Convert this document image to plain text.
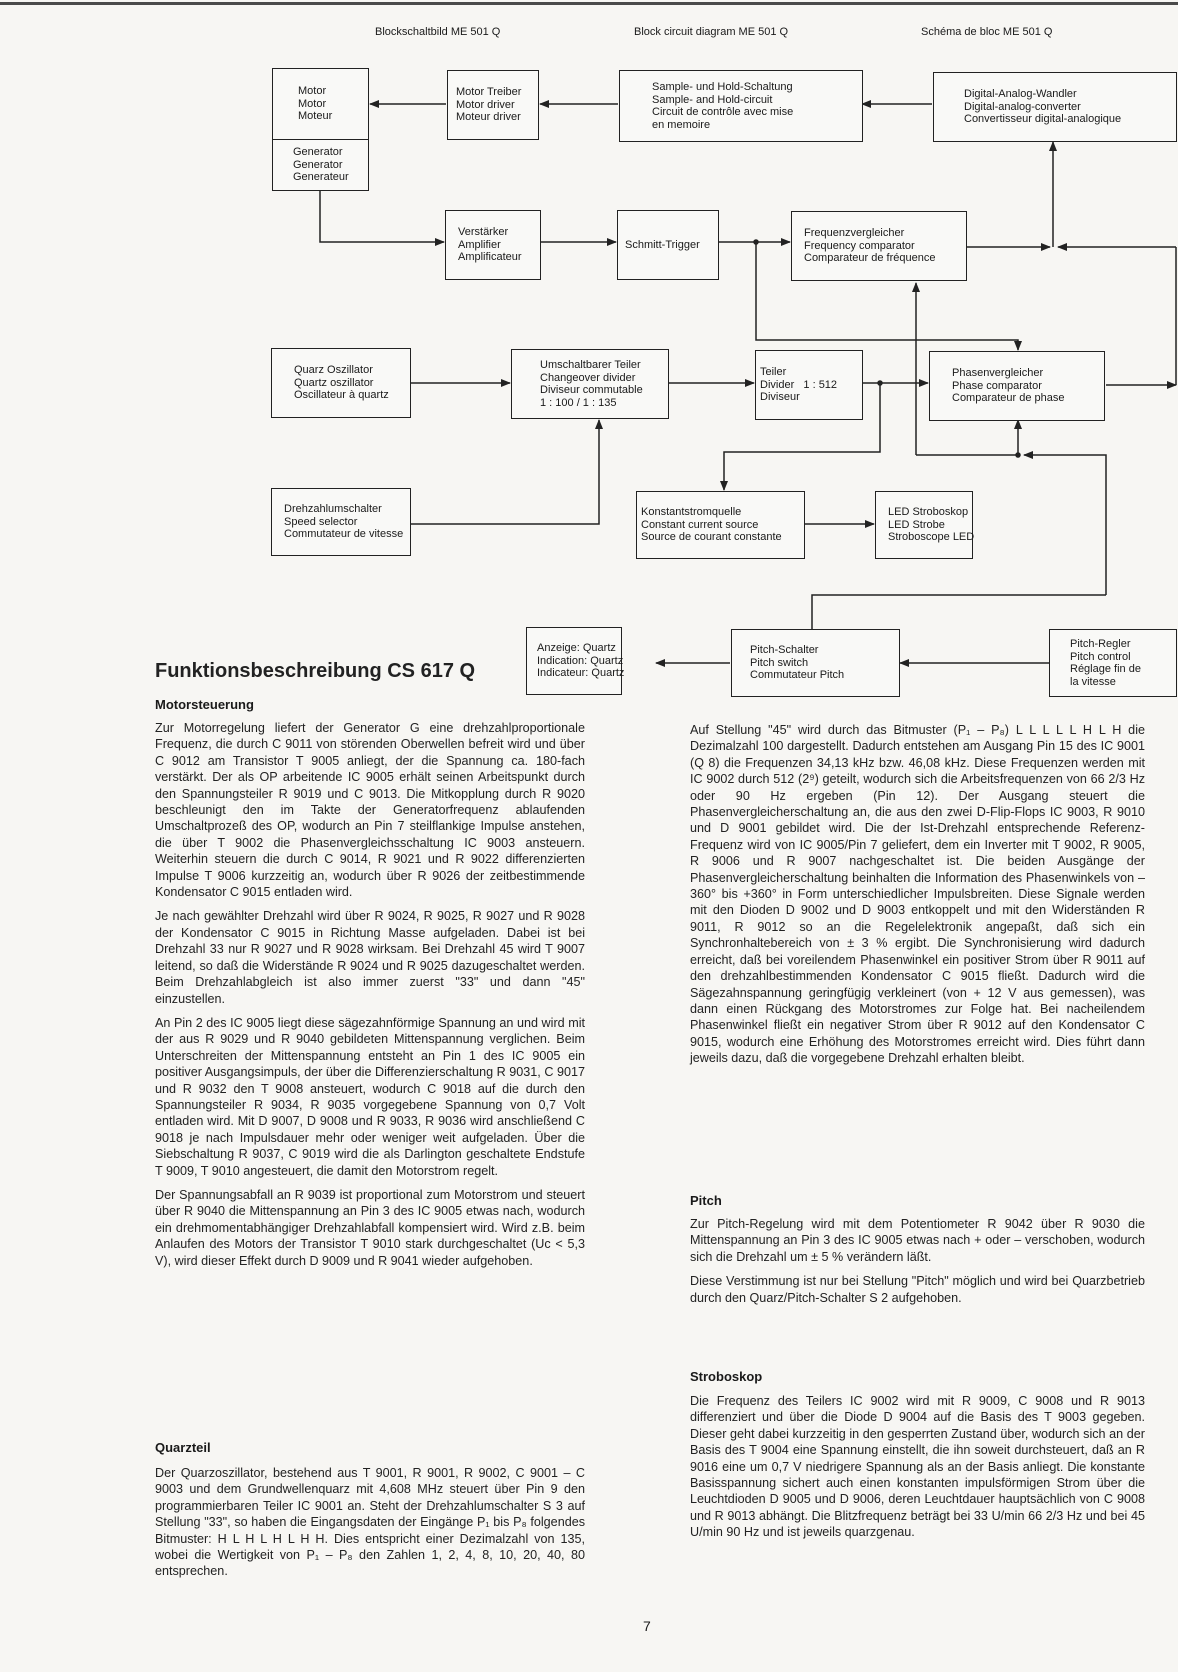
Blockschaltbild ME 501 Q	Block circuit diagram ME 501 Q	Schéma de bloc ME 501 Q
Motor
Motor
Moteur
Generator
Generator
Generateur
Motor Treiber
Motor driver
Moteur driver
Sample- und Hold-Schaltung
Sample- and Hold-circuit
Circuit de contrôle avec mise
en memoire
Digital-Analog-Wandler
Digital-analog-converter
Convertisseur digital-analogique
Verstärker
Amplifier
Amplificateur
Schmitt-Trigger
Frequenzvergleicher
Frequency comparator
Comparateur de fréquence
Quarz Oszillator
Quartz oszillator
Oscillateur à quartz
Umschaltbarer Teiler
Changeover divider
Diviseur commutable
1 : 100 / 1 : 135
Teiler
Divider 1 : 512
Diviseur
Phasenvergleicher
Phase comparator
Comparateur de phase
Drehzahlumschalter
Speed selector
Commutateur de vitesse
Konstantstromquelle
Constant current source
Source de courant constante
LED Stroboskop
LED Strobe
Stroboscope LED
Anzeige: Quartz
Indication: Quartz
Indicateur: Quartz
Pitch-Schalter
Pitch switch
Commutateur Pitch
Pitch-Regler
Pitch control
Réglage fin de
la vitesse
Funktionsbeschreibung CS 617 Q
Motorsteuerung

Zur Motorregelung liefert der Generator G eine drehzahlproportionale Frequenz, die durch C 9011 von störenden Oberwellen befreit wird und über C 9012 am Transistor T 9005 anliegt, der die Spannung ca. 180-fach verstärkt. Der als OP arbeitende IC 9005 erhält seinen Arbeitspunkt durch den Spannungsteiler R 9019 und C 9013. Die Mitkopplung durch R 9020 beschleunigt den im Takte der Generatorfrequenz ablaufenden Umschaltprozeß des OP, wodurch an Pin 7 steilflankige Impulse anstehen, die über T 9002 die Phasenvergleichsschaltung IC 9003 ansteuern. Weiterhin steuern die durch C 9014, R 9021 und R 9022 differenzierten Impulse T 9006 kurzzeitig an, wodurch über R 9026 der zeitbestimmende Kondensator C 9015 entladen wird.

Je nach gewählter Drehzahl wird über R 9024, R 9025, R 9027 und R 9028 der Kondensator C 9015 in Richtung Masse aufgeladen. Dabei ist bei Drehzahl 33 nur R 9027 und R 9028 wirksam. Bei Drehzahl 45 wird T 9007 leitend, so daß die Widerstände R 9024 und R 9025 dazugeschaltet werden. Beim Drehzahlabgleich ist also immer zuerst "33" und dann "45" einzustellen.

An Pin 2 des IC 9005 liegt diese sägezahnförmige Spannung an und wird mit der aus R 9029 und R 9040 gebildeten Mittenspannung verglichen. Beim Unterschreiten der Mittenspannung entsteht an Pin 1 des IC 9005 ein positiver Ausgangsimpuls, der über die Differenzierschaltung R 9031, C 9017 und R 9032 den T 9008 ansteuert, wodurch C 9018 auf die durch den Spannungsteiler R 9034, R 9035 vorgegebene Spannung von 0,7 Volt entladen wird. Mit D 9007, D 9008 und R 9033, R 9036 wird anschließend C 9018 je nach Impulsdauer mehr oder weniger weit aufgeladen. Über die Siebschaltung R 9037, C 9019 wird die als Darlington geschaltete Endstufe T 9009, T 9010 angesteuert, die damit den Motorstrom regelt.

Der Spannungsabfall an R 9039 ist proportional zum Motorstrom und steuert über R 9040 die Mittenspannung an Pin 3 des IC 9005 etwas nach, wodurch ein drehmomentabhängiger Drehzahlabfall kompensiert wird. Wird z.B. beim Anlaufen des Motors der Transistor T 9010 stark durchgeschaltet (Uc < 5,3 V), wird dieser Effekt durch D 9009 und R 9041 wieder aufgehoben.

Quarzteil

Der Quarzoszillator, bestehend aus T 9001, R 9001, R 9002, C 9001 – C 9003 und dem Grundwellenquarz mit 4,608 MHz steuert über Pin 9 den programmierbaren Teiler IC 9001 an. Steht der Drehzahlumschalter S 3 auf Stellung "33", so haben die Eingangsdaten der Eingänge P₁ bis P₈ folgendes Bitmuster: H L H L H L H H. Dies entspricht einer Dezimalzahl von 135, wobei die Wertigkeit von P₁ – P₈ den Zahlen 1, 2, 4, 8, 10, 20, 40, 80 entsprechen.

Auf Stellung "45" wird durch das Bitmuster (P₁ – P₈) L L L L L H L H die Dezimalzahl 100 dargestellt. Dadurch entstehen am Ausgang Pin 15 des IC 9001 (Q 8) die Frequenzen 34,13 kHz bzw. 46,08 kHz. Diese Frequenzen werden mit IC 9002 durch 512 (2⁹) geteilt, wodurch sich die Arbeitsfrequenzen von 66 2/3 Hz oder 90 Hz ergeben (Pin 12). Der Ausgang steuert die Phasenvergleicherschaltung an, die aus den zwei D-Flip-Flops IC 9003, R 9010 und D 9001 gebildet wird. Die der Ist-Drehzahl entsprechende Referenz-Frequenz wird von IC 9005/Pin 7 geliefert, dem ein Inverter mit T 9002, R 9005, R 9006 und R 9007 nachgeschaltet ist. Die beiden Ausgänge der Phasenvergleicherschaltung beinhalten die Information des Phasenwinkels von –360° bis +360° in Form unterschiedlicher Impulsbreiten. Diese Signale werden mit den Dioden D 9002 und D 9003 entkoppelt und mit den Widerständen R 9011, R 9012 so an die Regelelektronik angepaßt, daß sich ein Synchronhaltebereich von ± 3 % ergibt. Die Synchronisierung wird dadurch erreicht, daß bei voreilendem Phasenwinkel ein positiver Strom über R 9011 auf den drehzahlbestimmenden Kondensator C 9015 fließt. Dadurch wird die Sägezahnspannung geringfügig verkleinert (von + 12 V aus gemessen), was dann einen Rückgang des Motorstromes zur Folge hat. Bei nacheilendem Phasenwinkel fließt ein negativer Strom über R 9012 auf den Kondensator C 9015, wodurch eine Erhöhung des Motorstromes erreicht wird. Dies führt dann jeweils dazu, daß die vorgegebene Drehzahl erhalten bleibt.

Pitch

Zur Pitch-Regelung wird mit dem Potentiometer R 9042 über R 9030 die Mittenspannung an Pin 3 des IC 9005 etwas nach + oder – verschoben, wodurch sich die Drehzahl um ± 5 % verändern läßt.

Diese Verstimmung ist nur bei Stellung "Pitch" möglich und wird bei Quarzbetrieb durch den Quarz/Pitch-Schalter S 2 aufgehoben.

Stroboskop

Die Frequenz des Teilers IC 9002 wird mit R 9009, C 9008 und R 9013 differenziert und über die Diode D 9004 auf die Basis des T 9003 gegeben. Dieser geht dabei kurzzeitig in den gesperrten Zustand über, wodurch sich an der Basis des T 9004 eine Spannung einstellt, die ihn soweit durchsteuert, daß an R 9016 eine um 0,7 V niedrigere Spannung als an der Basis anliegt. Die konstante Basisspannung sichert auch einen konstanten impulsförmigen Strom über die Leuchtdioden D 9005 und D 9006, deren Leuchtdauer hauptsächlich von C 9008 und R 9013 abhängt. Die Blitzfrequenz beträgt bei 33 U/min 66 2/3 Hz und bei 45 U/min 90 Hz und ist jeweils quarzgenau.

7
